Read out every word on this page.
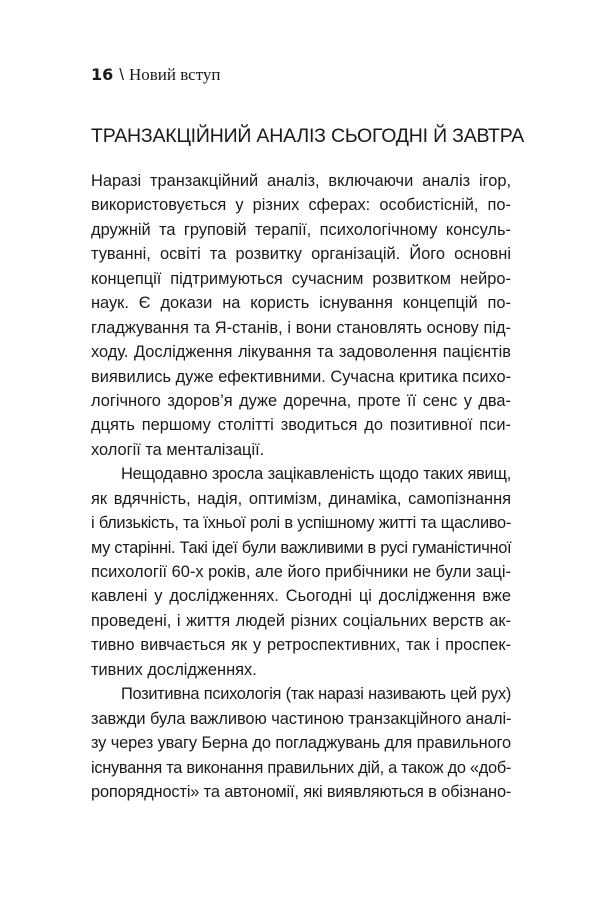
16 \ Новий вступ
ТРАНЗАКЦІЙНИЙ АНАЛІЗ СЬОГОДНІ Й ЗАВТРА
Наразі транзакційний аналіз, включаючи аналіз ігор,
використовується у різних сферах: особистісній, по-
дружній та груповій терапії, психологічному консуль-
туванні, освіті та розвитку організацій. Його основні
концепції підтримуються сучасним розвитком нейро-
наук. Є докази на користь існування концепцій по-
гладжування та Я-станів, і вони становлять основу під-
ходу. Дослідження лікування та задоволення пацієнтів
виявились дуже ефективними. Сучасна критика психо-
логічного здоров’я дуже доречна, проте її сенс у два-
дцять першому столітті зводиться до позитивної пси-
хології та менталізації.
Нещодавно зросла зацікавленість щодо таких явищ,
як вдячність, надія, оптимізм, динаміка, самопізнання
і близькість, та їхньої ролі в успішному житті та щасливо-
му старінні. Такі ідеї були важливими в русі гуманістичної
психології 60-х років, але його прибічники не були заці-
кавлені у дослідженнях. Сьогодні ці дослідження вже
проведені, і життя людей різних соціальних верств ак-
тивно вивчається як у ретроспективних, так і проспек-
тивних дослідженнях.
Позитивна психологія (так наразі називають цей рух)
завжди була важливою частиною транзакційного аналі-
зу через увагу Берна до погладжувань для правильного
існування та виконання правильних дій, а також до «доб-
ропорядності» та автономії, які виявляються в обізнано-
